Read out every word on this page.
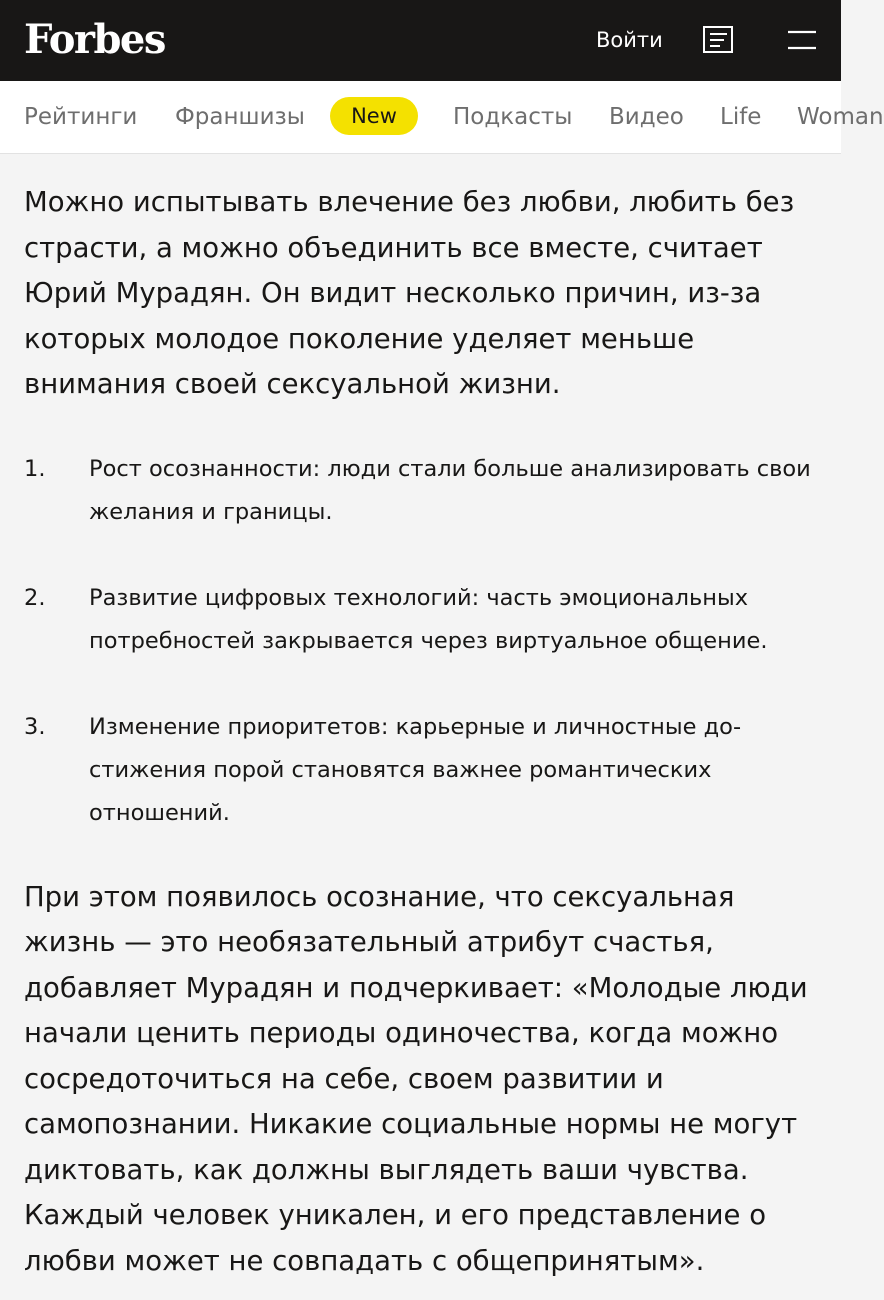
Forbes	Войти
Рейтинги Франшизы	New	Подкасты Видео Life Woman

Можно испытывать влечение без любви, любить без страсти, а можно объединить все вместе, считает Юрий Мурадян. Он видит несколько причин, из-за которых молодое поколение уделяет меньше внимания своей сексуальной жизни.

1. Рост осознанности: люди стали больше анализировать свои желания и границы.
2. Развитие цифровых технологий: часть эмоциональных потребностей закрывается через виртуальное общение.
3. Изменение приоритетов: карьерные и личностные достижения порой становятся важнее романтических отношений.

При этом появилось осознание, что сексуальная жизнь — это необязательный атрибут счастья, добавляет Мурадян и подчеркивает: «Молодые люди начали ценить периоды одиночества, когда можно сосредоточиться на себе, своем развитии и самопознании. Никакие социальные нормы не могут диктовать, как должны выглядеть ваши чувства. Каждый человек уникален, и его представление о любви может не совпадать с общепринятым».
